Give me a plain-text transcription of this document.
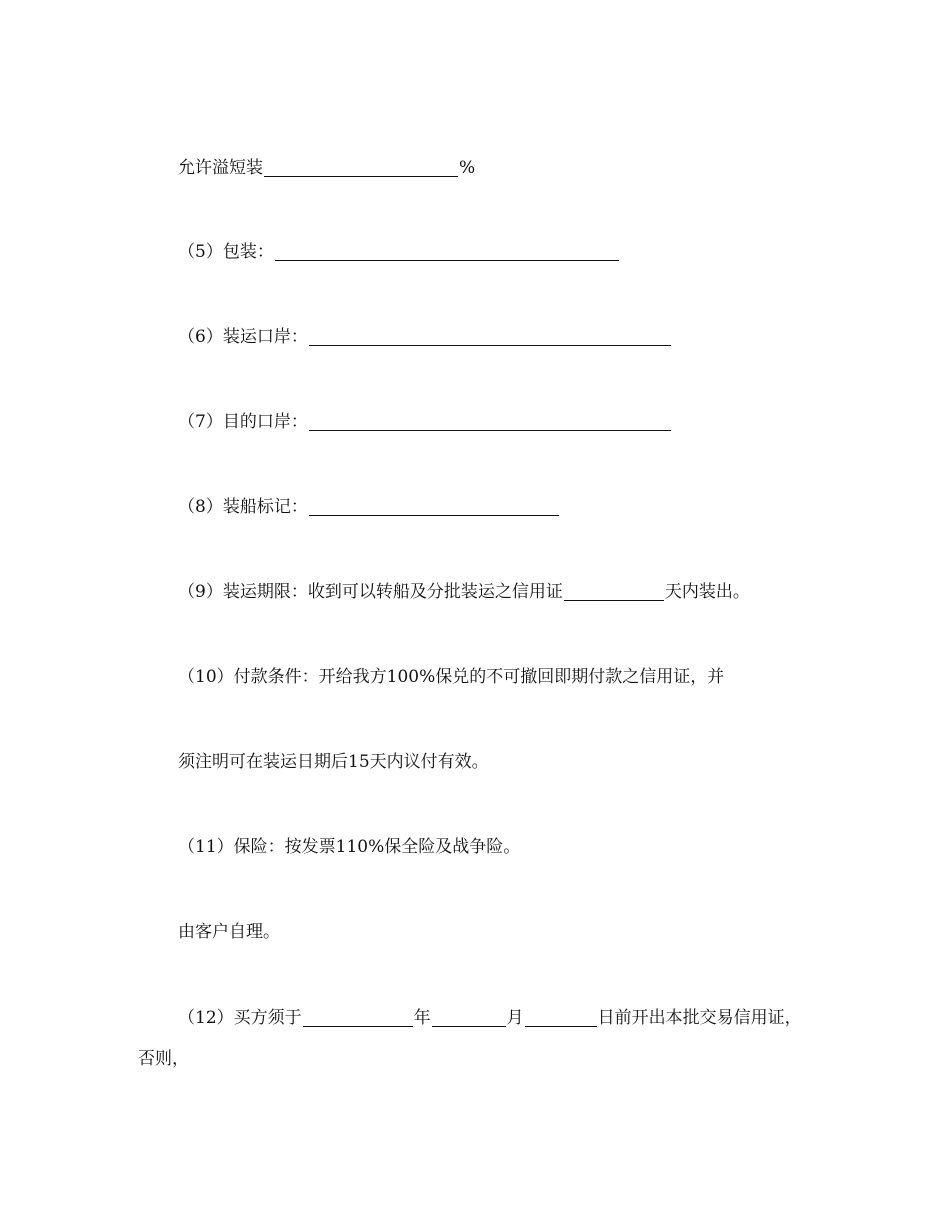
允许溢短装	%
（5）包装：
（6）装运口岸：
（7）目的口岸：
（8）装船标记：
（9）装运期限：收到可以转船及分批装运之信用证	天内装出。
（10）付款条件：开给我方100%保兑的不可撤回即期付款之信用证，并
须注明可在装运日期后15天内议付有效。
（11）保险：按发票110%保全险及战争险。
由客户自理。
（12）买方须于	年	月	日前开出本批交易信用证，
否则，
